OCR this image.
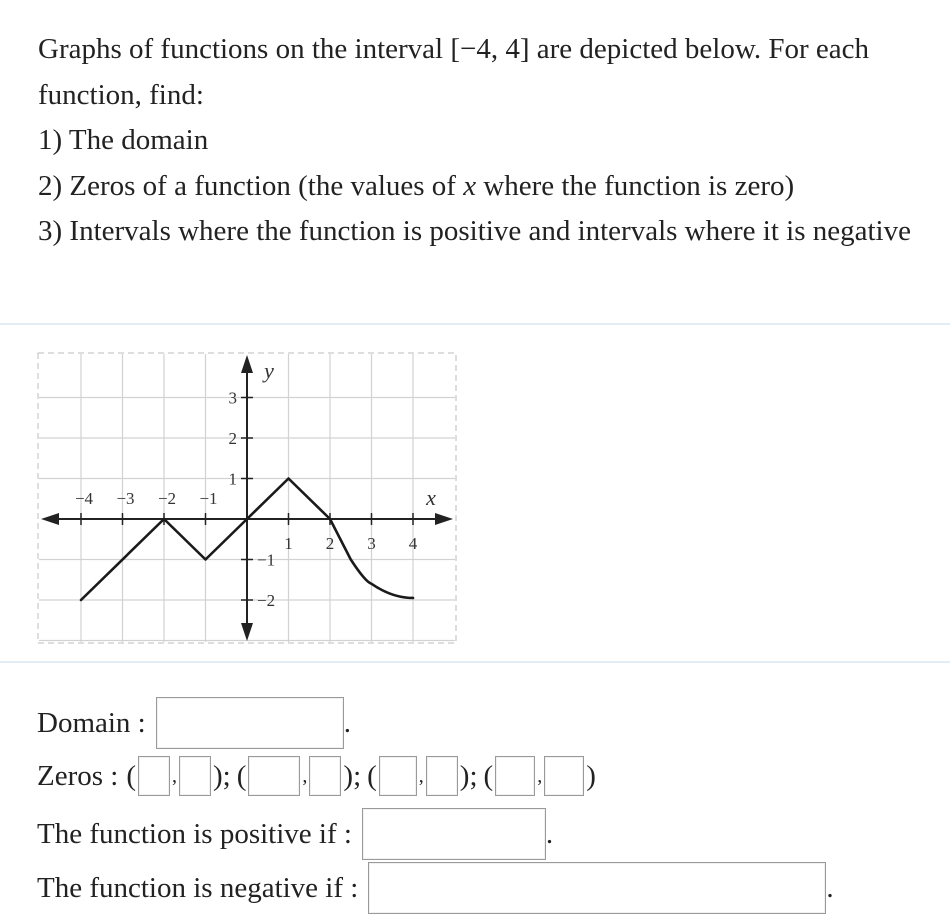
Graphs of functions on the interval [−4, 4] are depicted below. For each function, find:

1) The domain

2) Zeros of a function (the values of x where the function is zero)

3) Intervals where the function is positive and intervals where it is negative

−4 −3 −2 −1
1 2 3 4
1
2
3
−1
−2
x
y
Domain :	.
Zeros : ( , ); (	, ); ( , ); ( , )
The function is positive if :	.
The function is negative if :	.
